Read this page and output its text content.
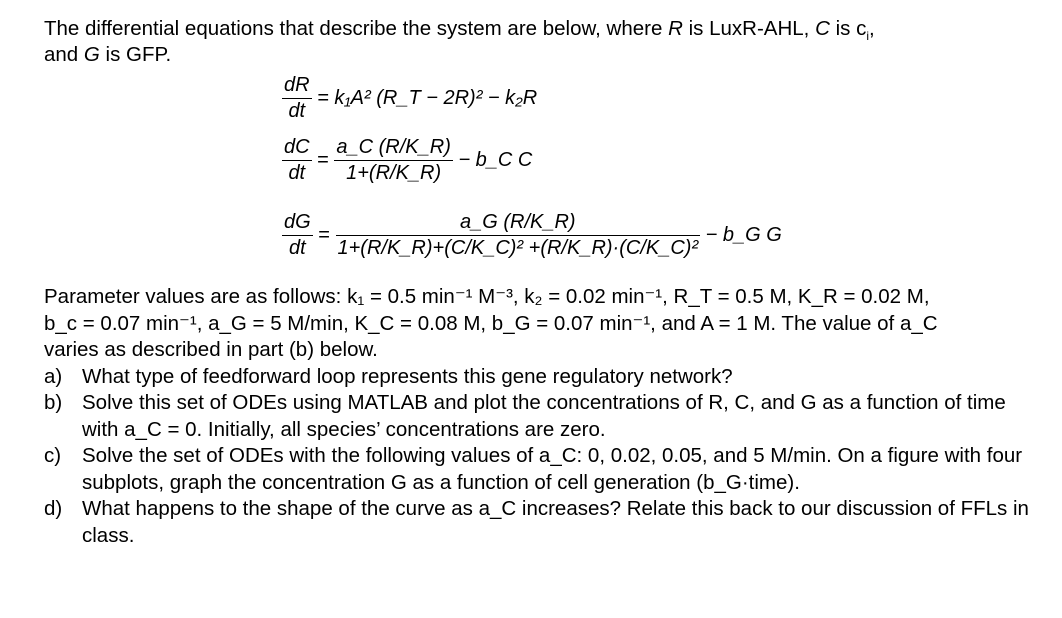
The differential equations that describe the system are below, where R is LuxR-AHL, C is $c_i$,
and G is GFP.

$\frac{dR}{dt} = k_1A^2$ (R_T − 2R)² − k₂R
$\frac{dC}{dt} = \frac{a\_C (R/K\_R)}{1+(R/K\_R)}$ − b_C C
$\frac{dG}{dt} = \frac{a\_G (R/K\_R)}{\text{1+(R/K\_R)+(C/K\_C)² +(R/K\_R)·(C/K\_C)²}}$ − b_G G
Parameter values are as follows: k₁ = 0.5 min⁻¹ M⁻³, k₂ = 0.02 min⁻¹, R_T = 0.5 M, K_R = 0.02 M,
b_c = 0.07 min⁻¹, a_G = 5 M/min, K_C = 0.08 M, b_G = 0.07 min⁻¹, and A = 1 M. The value of a_C
varies as described in part (b) below.
a) What type of feedforward loop represents this gene regulatory network?
b) Solve this set of ODEs using MATLAB and plot the concentrations of R, C, and G as a function of time with a_C = 0. Initially, all species’ concentrations are zero.
c)	Solve the set of ODEs with the following values of a_C: 0, 0.02, 0.05, and 5 M/min. On a figure with four subplots, graph the concentration G as a function of cell generation (b_G·time).
d) What happens to the shape of the curve as a_C increases? Relate this back to our discussion of FFLs in class.
